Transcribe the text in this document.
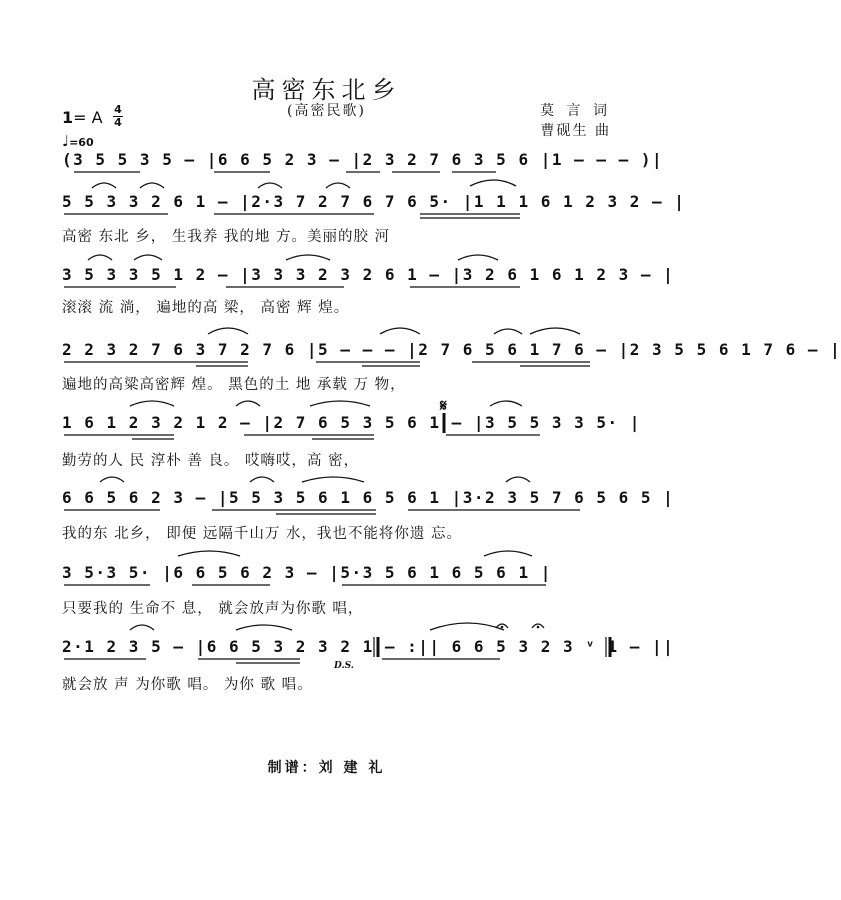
高密东北乡
(高密民歌)
1= A 4
4
♩=60
莫 言 词
曹砚生 曲
(3 5 5 3 5 – |6 6 5 2 3 – |2 3 2 7 6 3 5 6 |1 – – – )|
5 5 3 3 2 6 1 – |2·3 7 2 7 6 7 6 5· |1 1 1 6 1 2 3 2 – |
高密 东北 乡， 生我养 我的地 方。美丽的胶 河
3 5 3 3 5 1 2 – |3 3 3 2 3 2 6 1 – |3 2 6 1 6 1 2 3 – |
滚滚 流 淌， 遍地的高 梁， 高密 辉 煌。
2 2 3 2 7 6 3 7 2 7 6 |5 – – – |2 7 6 5 6 1 7 6 – |2 3 5 5 6 1 7 6 – |
遍地的高粱高密辉 煌。 黑色的土 地 承载 万 物，
1 6 1 2 3 2 1 2 – |2 7 6 5 3 5 6 1 – |3 5 5 3 3 5· |
勤劳的人 民 淳朴 善 良。 哎嗨哎，高 密，
𝄋
6 6 5 6 2 3 – |5 5 3 5 6 1 6 5 6 1 |3·2 3 5 7 6 5 6 5 |
我的东 北乡， 即便 远隔千山万 水，我也不能将你遗 忘。
3 5·3 5· |6 6 5 6 2 3 – |5·3 5 6 1 6 5 6 1 |
只要我的 生命不 息， 就会放声为你歌 唱，
2·1 2 3 5 – |6 6 5 3 2 3 2 1 – :|| 6 6 5 3 2 3 ᵛ 1 – ||
就会放 声 为你歌 唱。 为你 歌 唱。
D.S.
制谱：刘 建 礼
